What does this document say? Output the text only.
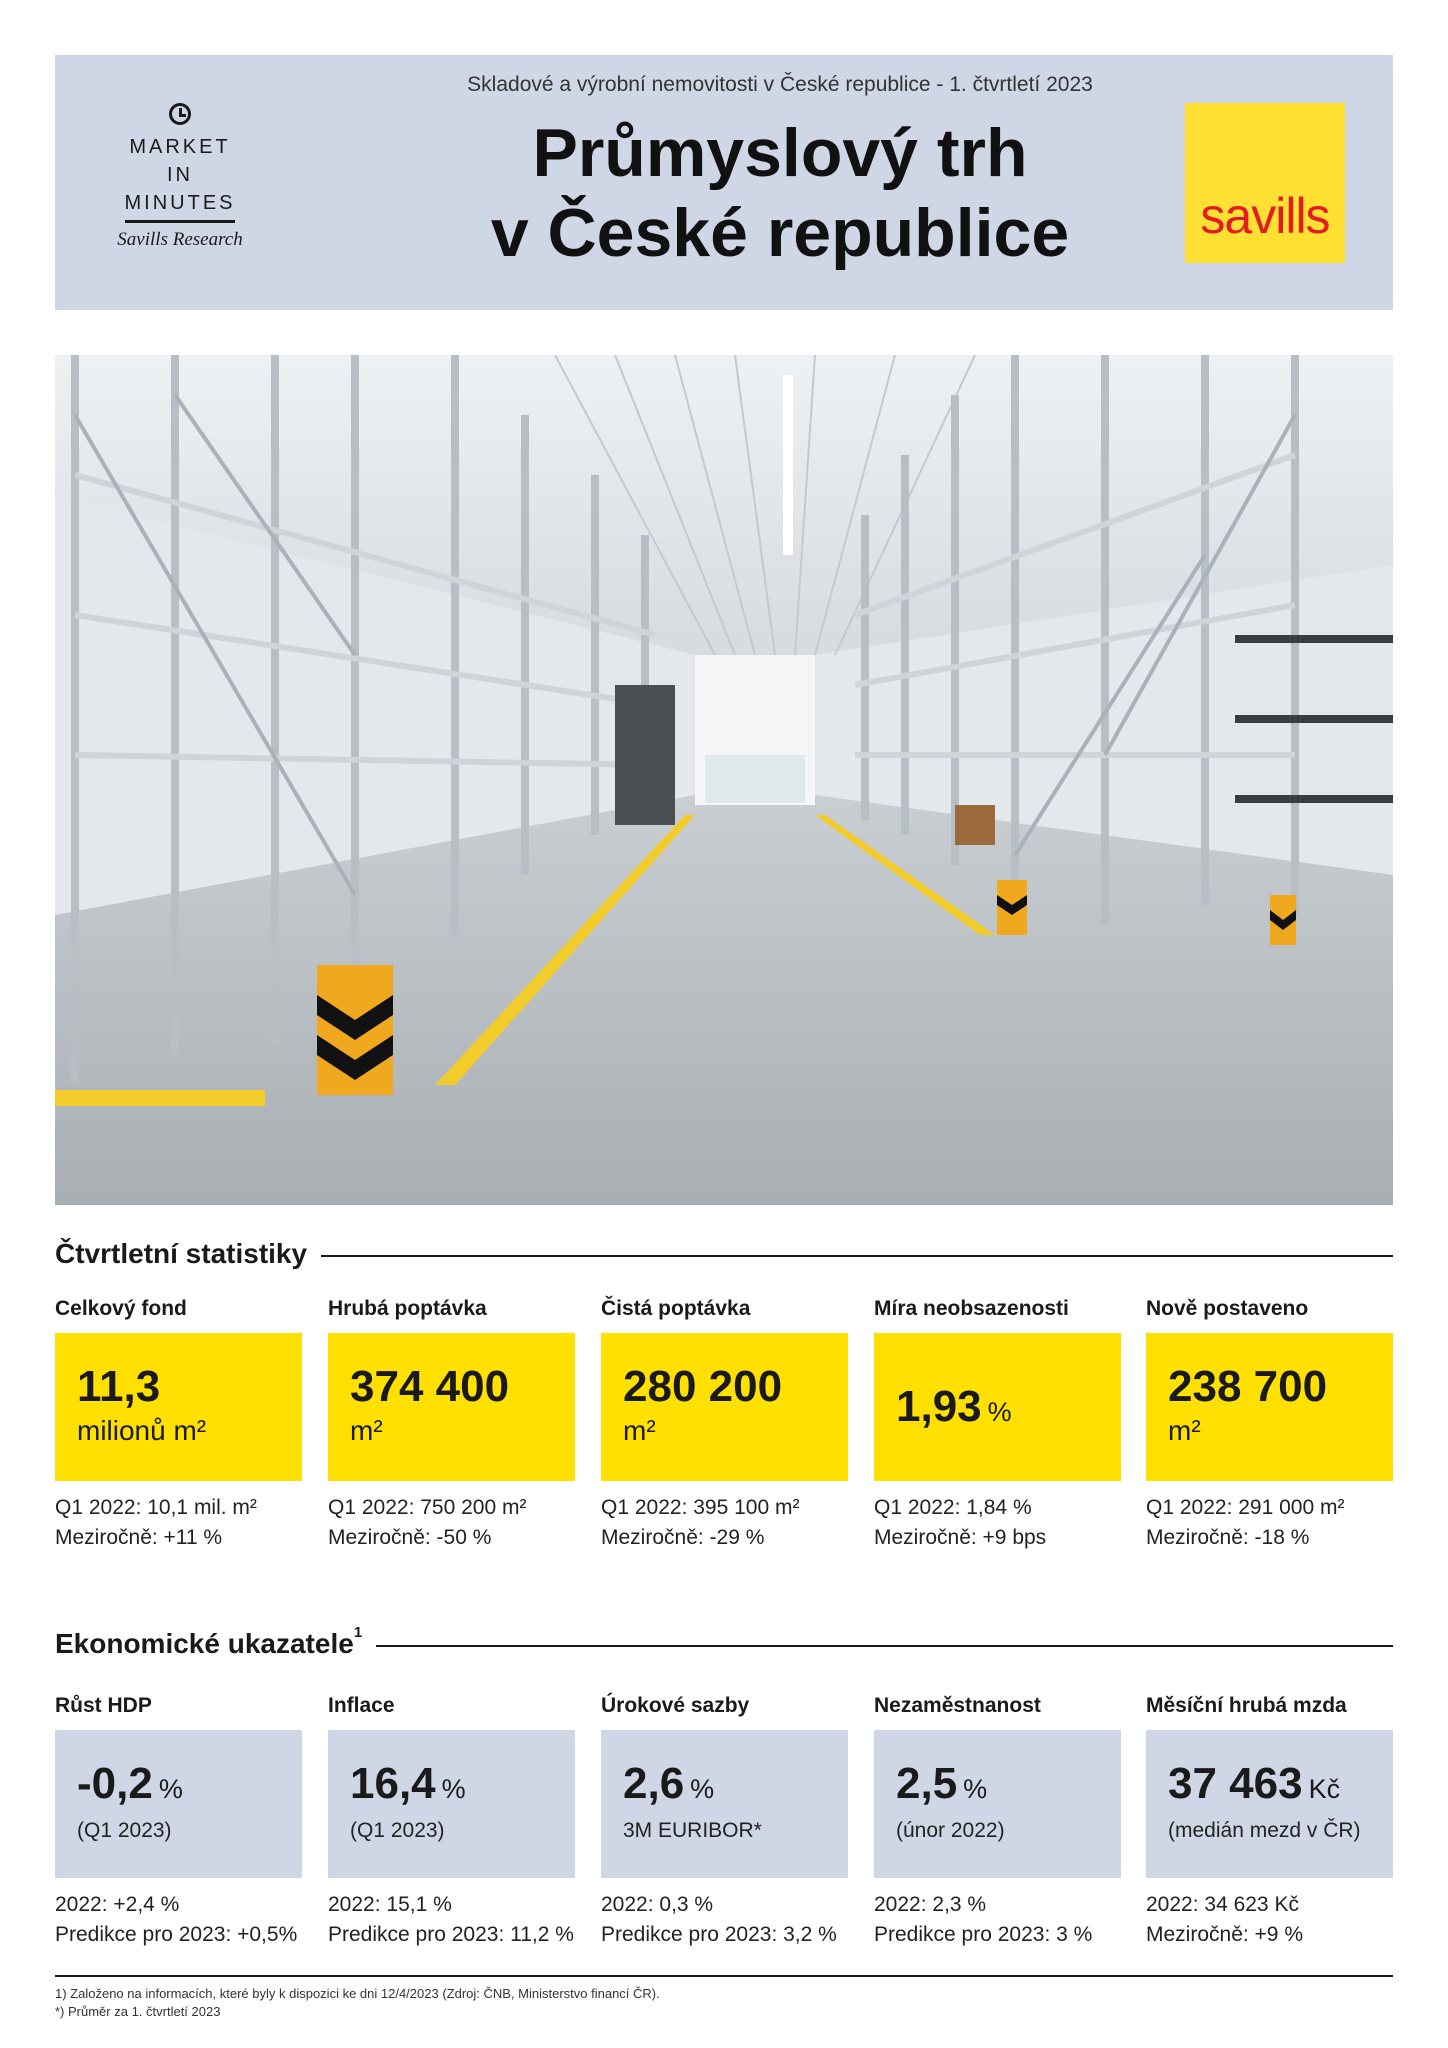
MARKET
IN
MINUTES
Savills Research
Skladové a výrobní nemovitosti v České republice - 1. čtvrtletí 2023
Průmyslový trh
v České republice	savills
Čtvrtletní statistiky
Celkový fond
11,3
milionů m²
Q1 2022: 10,1 mil. m²
Meziročně: +11 %
Hrubá poptávka
374 400
m²
Q1 2022: 750 200 m²
Meziročně: -50 %
Čistá poptávka
280 200
m²
Q1 2022: 395 100 m²
Meziročně: -29 %
Míra neobsazenosti
1,93 %
Q1 2022: 1,84 %
Meziročně: +9 bps
Nově postaveno
238 700
m²
Q1 2022: 291 000 m²
Meziročně: -18 %
Ekonomické ukazatele$^1$
Růst HDP
-0,2 %
(Q1 2023)
2022: +2,4 %
Predikce pro 2023: +0,5%
Inflace
16,4 %
(Q1 2023)
2022: 15,1 %
Predikce pro 2023: 11,2 %
Úrokové sazby
2,6 %
3M EURIBOR*
2022: 0,3 %
Predikce pro 2023: 3,2 %
Nezaměstnanost
2,5 %
(únor 2022)
2022: 2,3 %
Predikce pro 2023: 3 %
Měsíční hrubá mzda
37 463 Kč
(medián mezd v ČR)
2022: 34 623 Kč
Meziročně: +9 %
1) Založeno na informacích, které byly k dispozici ke dni 12/4/2023 (Zdroj: ČNB, Ministerstvo financí ČR).
*) Průměr za 1. čtvrtletí 2023
